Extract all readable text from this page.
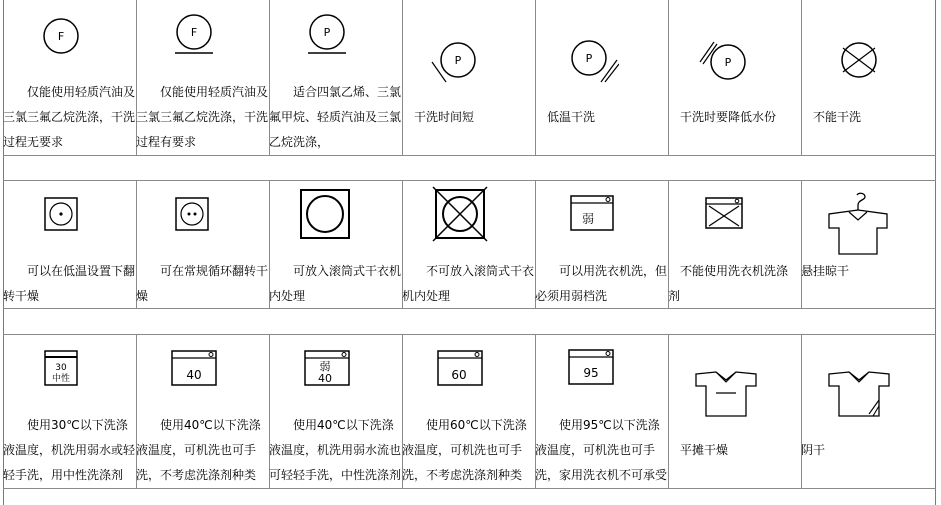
F
　　仅能使用轻质汽油及
三氯三氟乙烷洗涤，干洗
过程无要求
F
　　仅能使用轻质汽油及
三氯三氟乙烷洗涤，干洗
过程有要求
P
　　适合四氯乙烯、三氯
氟甲烷、轻质汽油及三氯
乙烷洗涤，
P
　干洗时间短
P
　低温干洗
P
　干洗时要降低水份	　不能干洗
　　可以在低温设置下翻
转干燥
　　可在常规循环翻转干
燥
　　可放入滚筒式干衣机
内处理
　　不可放入滚筒式干衣
机内处理
弱
　　可以用洗衣机洗，但
必须用弱档洗
　不能使用洗衣机洗涤
剂
悬挂晾干
30
中性
　　使用30℃以下洗涤
液温度，机洗用弱水或轻
轻手洗，用中性洗涤剂
40
　　使用40℃以下洗涤
液温度，可机洗也可手
洗，不考虑洗涤剂种类
弱
40
　　使用40℃以下洗涤
液温度，机洗用弱水流也
可轻轻手洗，中性洗涤剂
60
　　使用60℃以下洗涤
液温度，可机洗也可手
洗，不考虑洗涤剂种类
95
　　使用95℃以下洗涤
液温度，可机洗也可手
洗，家用洗衣机不可承受
　平摊干燥	阴干
